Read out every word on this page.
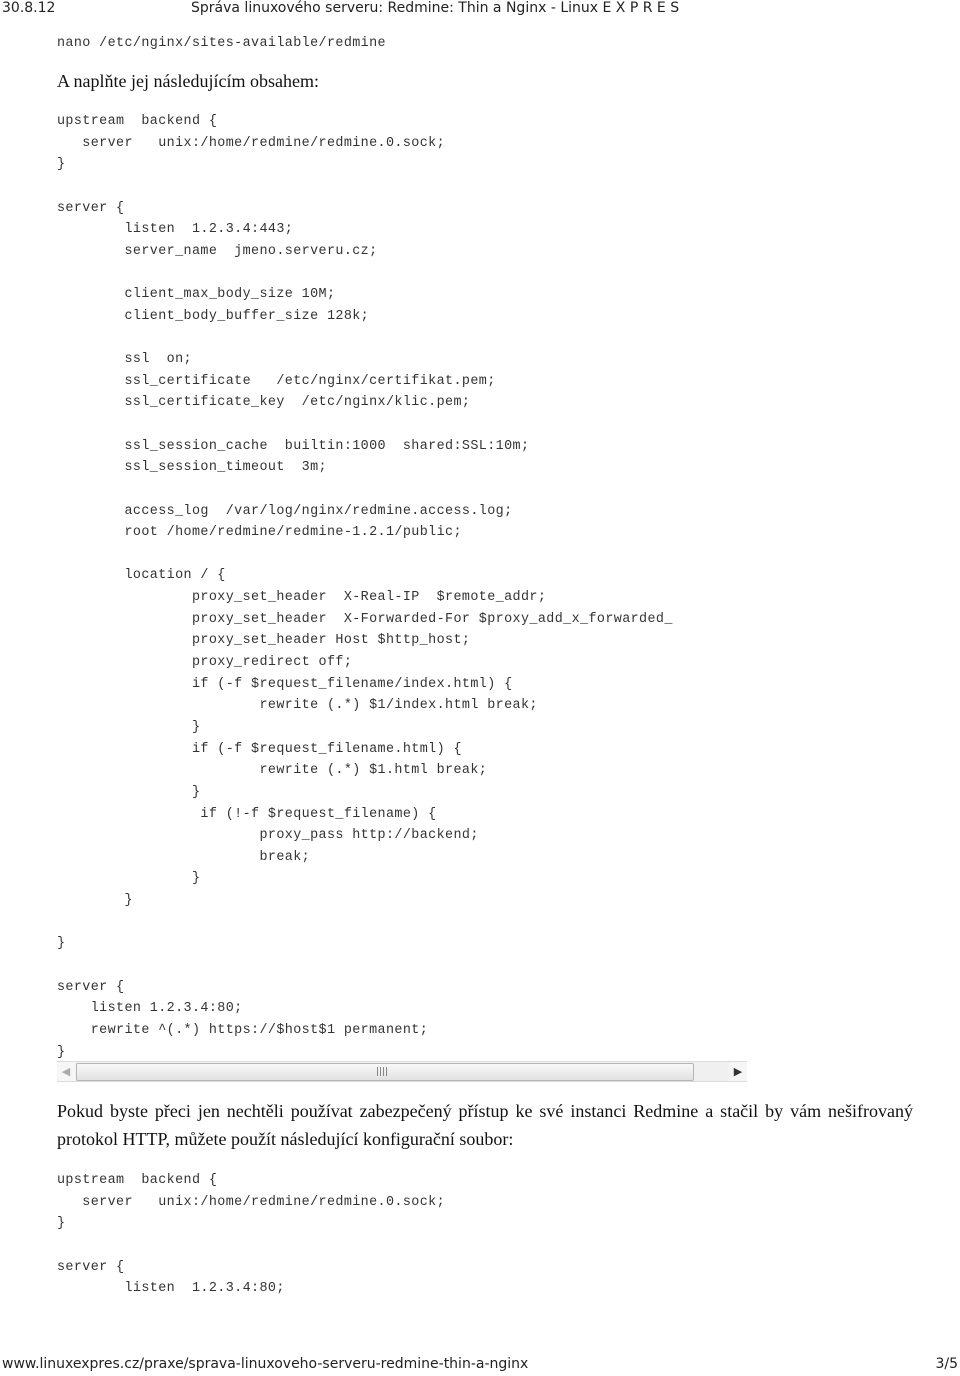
30.8.12	Správa linuxového serveru: Redmine: Thin a Nginx - Linux E X P R E S
nano /etc/nginx/sites-available/redmine

A naplňte jej následujícím obsahem:

upstream  backend {
server   unix:/home/redmine/redmine.0.sock;
}

server {
listen  1.2.3.4:443;
server_name  jmeno.serveru.cz;

client_max_body_size 10M;
client_body_buffer_size 128k;

ssl  on;
ssl_certificate   /etc/nginx/certifikat.pem;
ssl_certificate_key  /etc/nginx/klic.pem;

ssl_session_cache  builtin:1000  shared:SSL:10m;
ssl_session_timeout  3m;

access_log  /var/log/nginx/redmine.access.log;
root /home/redmine/redmine-1.2.1/public;

location / {
proxy_set_header  X-Real-IP  $remote_addr;
proxy_set_header  X-Forwarded-For $proxy_add_x_forwarded_
proxy_set_header Host $http_host;
proxy_redirect off;
if (-f $request_filename/index.html) {
rewrite (.*) $1/index.html break;
}
if (-f $request_filename.html) {
rewrite (.*) $1.html break;
}
if (!-f $request_filename) {
proxy_pass http://backend;
break;
}
}

}

server {
listen 1.2.3.4:80;
rewrite ^(.*) https://$host$1 permanent;
}
◀	▶

Pokud byste přeci jen nechtěli používat zabezpečený přístup ke své instanci Redmine a stačil by vám nešifrovaný protokol HTTP, můžete použít následující konfigurační soubor:

upstream  backend {
server   unix:/home/redmine/redmine.0.sock;
}

server {
listen  1.2.3.4:80;
www.linuxexpres.cz/praxe/sprava-linuxoveho-serveru-redmine-thin-a-nginx	3/5
